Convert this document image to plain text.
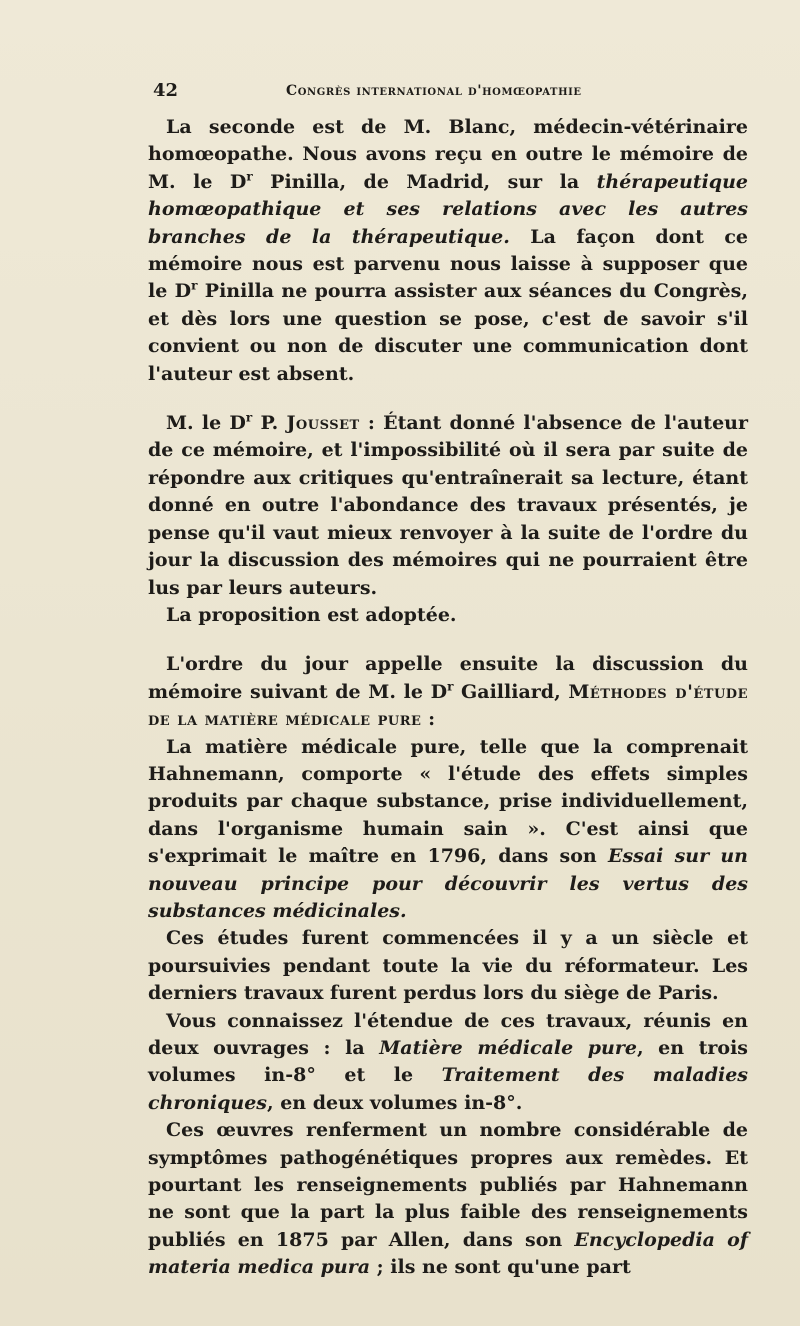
42	Congrès international d'homœopathie

La seconde est de M. Blanc, médecin-vétérinaire homœopathe. Nous avons reçu en outre le mémoire de M. le $D^r$ Pinilla, de Madrid, sur la thérapeutique homœopathique et ses relations avec les autres branches de la thérapeutique. La façon dont ce mémoire nous est parvenu nous laisse à supposer que le $D^r$ Pinilla ne pourra assister aux séances du Congrès, et dès lors une question se pose, c'est de savoir s'il convient ou non de discuter une communication dont l'auteur est absent.

M. le $D^r$ P. Jousset : Étant donné l'absence de l'auteur de ce mémoire, et l'impossibilité où il sera par suite de répondre aux critiques qu'entraînerait sa lecture, étant donné en outre l'abondance des travaux présentés, je pense qu'il vaut mieux renvoyer à la suite de l'ordre du jour la discussion des mémoires qui ne pourraient être lus par leurs auteurs.

La proposition est adoptée.

L'ordre du jour appelle ensuite la discussion du mémoire suivant de M. le $D^r$ Gailliard, Méthodes d'étude de la matière médicale pure :

La matière médicale pure, telle que la comprenait Hahnemann, comporte « l'étude des effets simples produits par chaque substance, prise individuellement, dans l'organisme humain sain ». C'est ainsi que s'exprimait le maître en 1796, dans son Essai sur un nouveau principe pour découvrir les vertus des substances médicinales.

Ces études furent commencées il y a un siècle et poursuivies pendant toute la vie du réformateur. Les derniers travaux furent perdus lors du siège de Paris.

Vous connaissez l'étendue de ces travaux, réunis en deux ouvrages : la Matière médicale pure, en trois volumes in-8° et le Traitement des maladies chroniques, en deux volumes in-8°.

Ces œuvres renferment un nombre considérable de symptômes pathogénétiques propres aux remèdes. Et pourtant les renseignements publiés par Hahnemann ne sont que la part la plus faible des renseignements publiés en 1875 par Allen, dans son Encyclopedia of materia medica pura ; ils ne sont qu'une part
